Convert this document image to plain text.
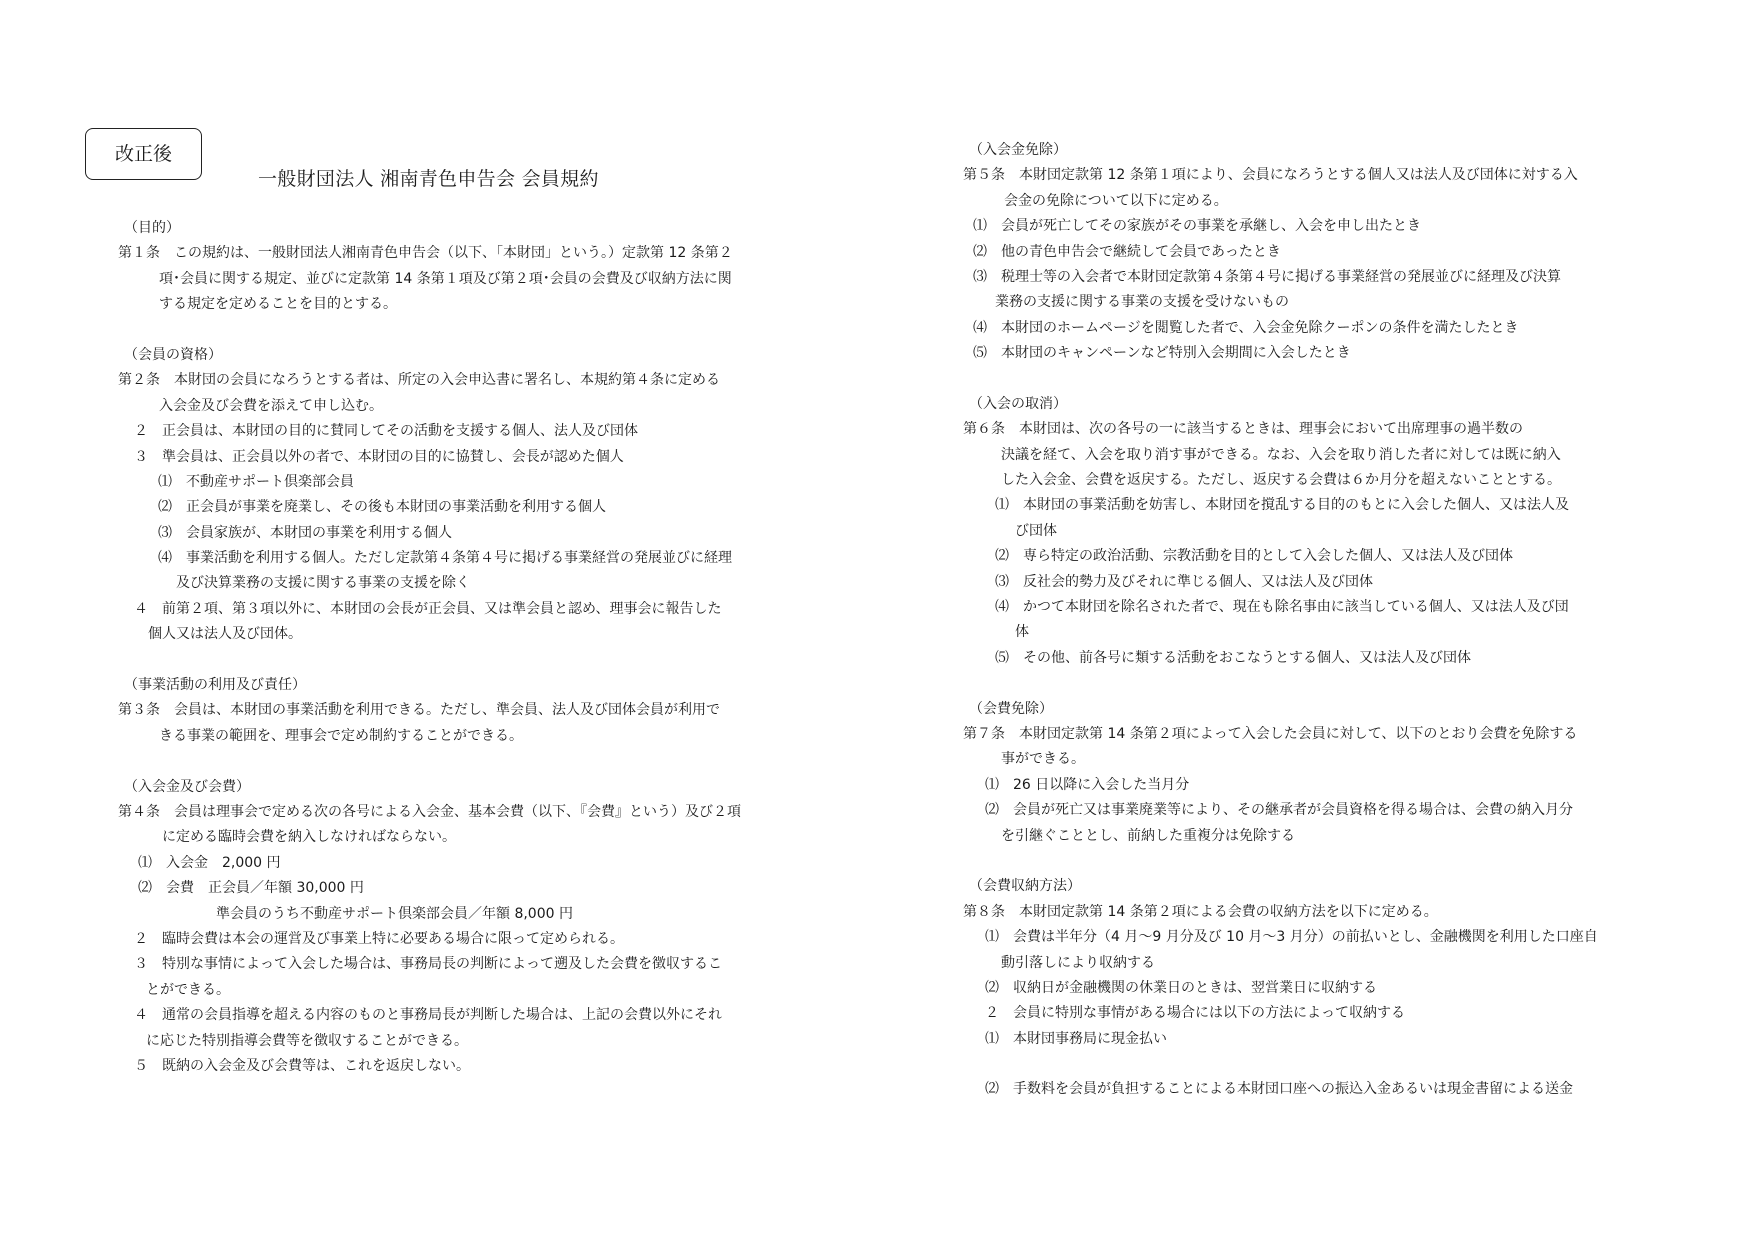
改正後
一般財団法人 湘南青色申告会 会員規約
（目的）
第１条　この規約は、一般財団法人湘南青色申告会（以下、「本財団」という。）定款第 12 条第２
項･会員に関する規定、並びに定款第 14 条第１項及び第２項･会員の会費及び収納方法に関
する規定を定めることを目的とする。
（会員の資格）
第２条　本財団の会員になろうとする者は、所定の入会申込書に署名し、本規約第４条に定める
入会金及び会費を添えて申し込む。
２　正会員は、本財団の目的に賛同してその活動を支援する個人、法人及び団体
３　準会員は、正会員以外の者で、本財団の目的に協賛し、会長が認めた個人
⑴　不動産サポート倶楽部会員
⑵　正会員が事業を廃業し、その後も本財団の事業活動を利用する個人
⑶　会員家族が、本財団の事業を利用する個人
⑷　事業活動を利用する個人。ただし定款第４条第４号に掲げる事業経営の発展並びに経理
及び決算業務の支援に関する事業の支援を除く
４　前第２項、第３項以外に、本財団の会長が正会員、又は準会員と認め、理事会に報告した
個人又は法人及び団体。
（事業活動の利用及び責任）
第３条　会員は、本財団の事業活動を利用できる。ただし、準会員、法人及び団体会員が利用で
きる事業の範囲を、理事会で定め制約することができる。
（入会金及び会費）
第４条　会員は理事会で定める次の各号による入会金、基本会費（以下、『会費』という）及び２項
に定める臨時会費を納入しなければならない。
⑴　入会金　2,000 円
⑵　会費　正会員／年額 30,000 円
準会員のうち不動産サポート倶楽部会員／年額 8,000 円
２　臨時会費は本会の運営及び事業上特に必要ある場合に限って定められる。
３　特別な事情によって入会した場合は、事務局長の判断によって遡及した会費を徴収するこ
とができる。
４　通常の会員指導を超える内容のものと事務局長が判断した場合は、上記の会費以外にそれ
に応じた特別指導会費等を徴収することができる。
５　既納の入会金及び会費等は、これを返戻しない。
（入会金免除）
第５条　本財団定款第 12 条第１項により、会員になろうとする個人又は法人及び団体に対する入
会金の免除について以下に定める。
⑴　会員が死亡してその家族がその事業を承継し、入会を申し出たとき
⑵　他の青色申告会で継続して会員であったとき
⑶　税理士等の入会者で本財団定款第４条第４号に掲げる事業経営の発展並びに経理及び決算
業務の支援に関する事業の支援を受けないもの
⑷　本財団のホームページを閲覧した者で、入会金免除クーポンの条件を満たしたとき
⑸　本財団のキャンペーンなど特別入会期間に入会したとき
（入会の取消）
第６条　本財団は、次の各号の一に該当するときは、理事会において出席理事の過半数の
決議を経て、入会を取り消す事ができる。なお、入会を取り消した者に対しては既に納入
した入会金、会費を返戻する。ただし、返戻する会費は６か月分を超えないこととする。
⑴　本財団の事業活動を妨害し、本財団を撹乱する目的のもとに入会した個人、又は法人及
び団体
⑵　専ら特定の政治活動、宗教活動を目的として入会した個人、又は法人及び団体
⑶　反社会的勢力及びそれに準じる個人、又は法人及び団体
⑷　かつて本財団を除名された者で、現在も除名事由に該当している個人、又は法人及び団
体
⑸　その他、前各号に類する活動をおこなうとする個人、又は法人及び団体
（会費免除）
第７条　本財団定款第 14 条第２項によって入会した会員に対して、以下のとおり会費を免除する
事ができる。
⑴　26 日以降に入会した当月分
⑵　会員が死亡又は事業廃業等により、その継承者が会員資格を得る場合は、会費の納入月分
を引継ぐこととし、前納した重複分は免除する
（会費収納方法）
第８条　本財団定款第 14 条第２項による会費の収納方法を以下に定める。
⑴　会費は半年分（4 月～9 月分及び 10 月～3 月分）の前払いとし、金融機関を利用した口座自
動引落しにより収納する
⑵　収納日が金融機関の休業日のときは、翌営業日に収納する
２　会員に特別な事情がある場合には以下の方法によって収納する
⑴　本財団事務局に現金払い
⑵　手数料を会員が負担することによる本財団口座への振込入金あるいは現金書留による送金
